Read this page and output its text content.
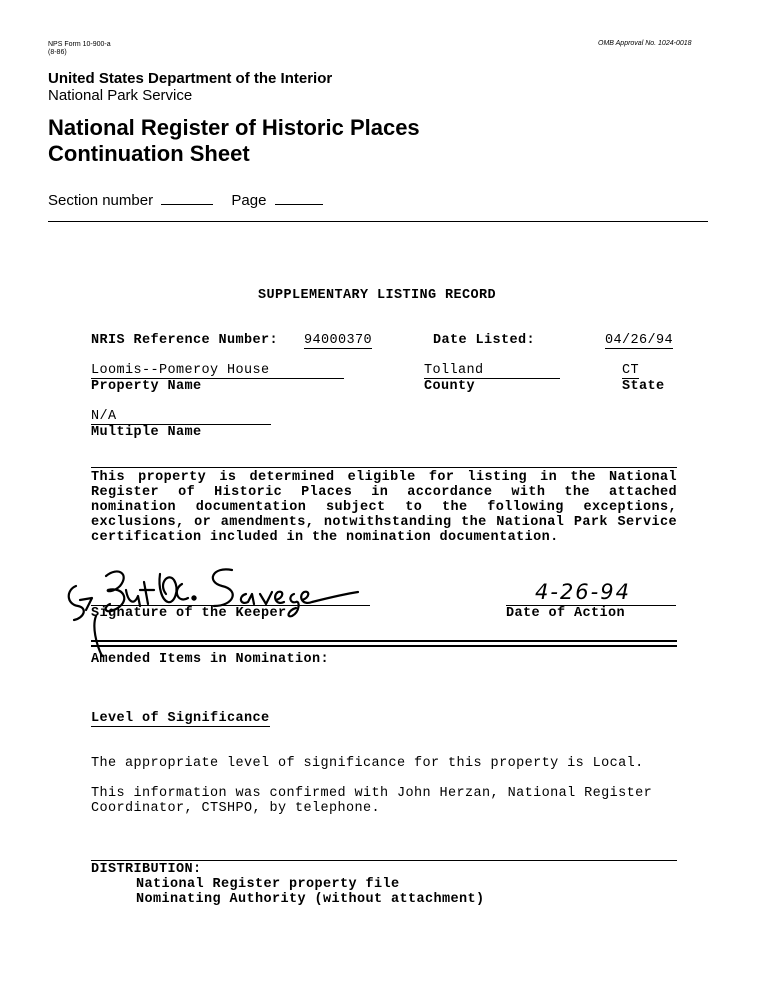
NPS Form 10-900-a
(8-86)
OMB Approval No. 1024-0018
United States Department of the Interior
National Park Service
National Register of Historic Places
Continuation Sheet
Section number	Page
SUPPLEMENTARY LISTING RECORD
NRIS Reference Number: 94000370	Date Listed:	04/26/94
Loomis--Pomeroy House
Property Name
Tolland
County
CT
State
N/A
Multiple Name
This property is determined eligible for listing in the National Register of Historic Places in accordance with the attached nomination documentation subject to the following exceptions, exclusions, or amendments, notwithstanding the National Park Service certification included in the nomination documentation.
Signature of the Keeper
4-26-94
Date of Action
Amended Items in Nomination:
Level of Significance
The appropriate level of significance for this property is Local.
This information was confirmed with John Herzan, National Register Coordinator, CTSHPO, by telephone.
DISTRIBUTION:
National Register property file
Nominating Authority (without attachment)
